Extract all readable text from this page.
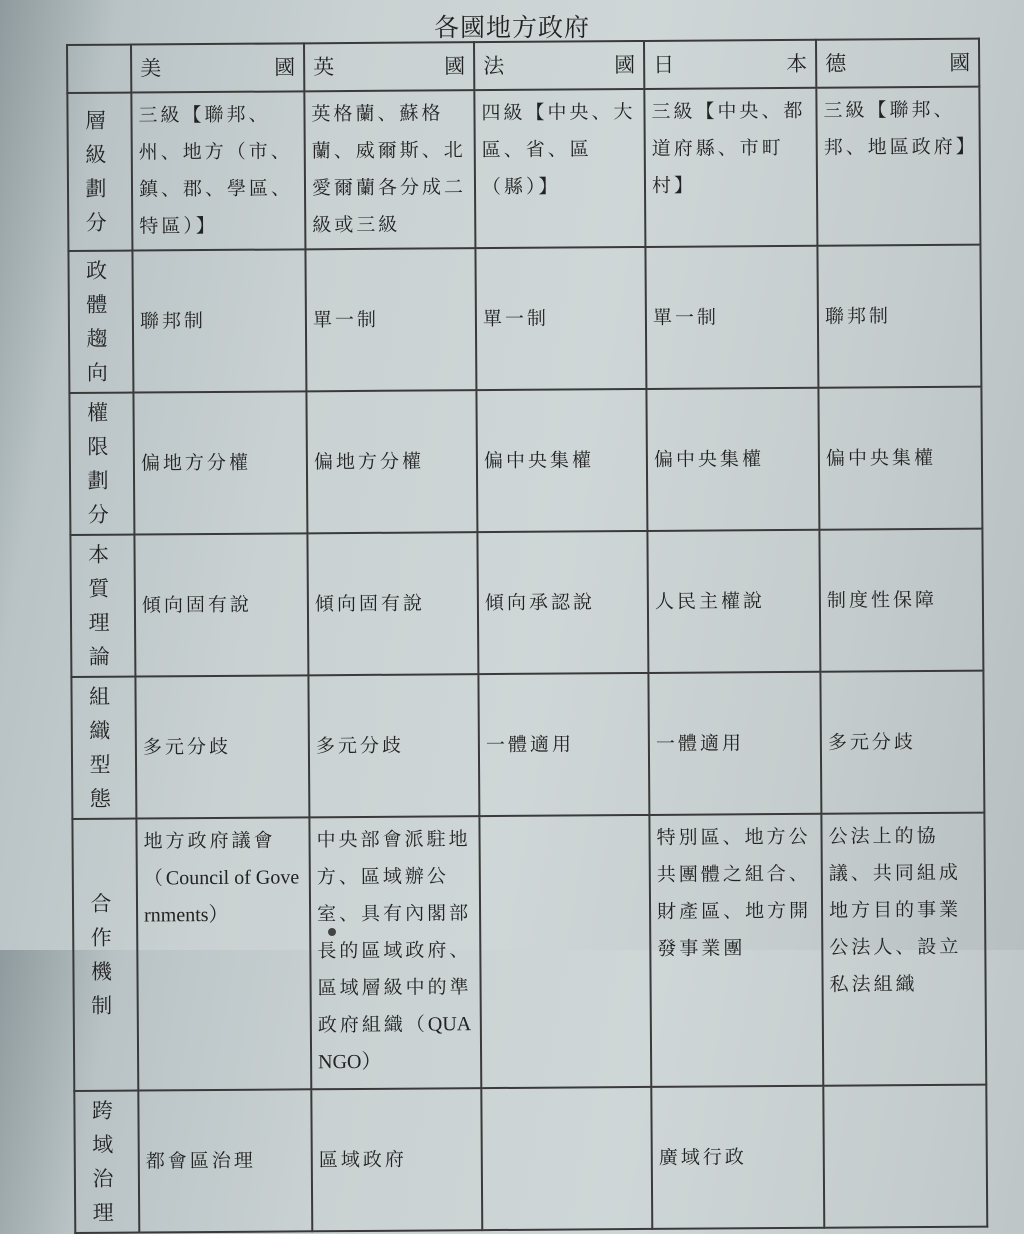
各國地方政府

	美 國	英 國	法 國	日 本	德 國

層級劃分	三級【聯邦、州、地方（市、鎮、郡、學區、特區）】	英格蘭、蘇格蘭、威爾斯、北愛爾蘭各分成二級或三級	四級【中央、大區、省、區（縣）】	三級【中央、都道府縣、市町村】	三級【聯邦、邦、地區政府】
政體趨向	聯邦制	單一制	單一制	單一制	聯邦制
權限劃分	偏地方分權	偏地方分權	偏中央集權	偏中央集權	偏中央集權
本質理論	傾向固有說	傾向固有說	傾向承認說	人民主權說	制度性保障
組織型態	多元分歧	多元分歧	一體適用	一體適用	多元分歧
合作機制	地方政府議會（Council of Governments）	中央部會派駐地方、區域辦公室、具有內閣部長的區域政府、區域層級中的準政府組織（QUANGO）		特別區、地方公共團體之組合、財產區、地方開發事業團	公法上的協議、共同組成地方目的事業公法人、設立私法組織
跨域治理	都會區治理	區域政府		廣域行政	
